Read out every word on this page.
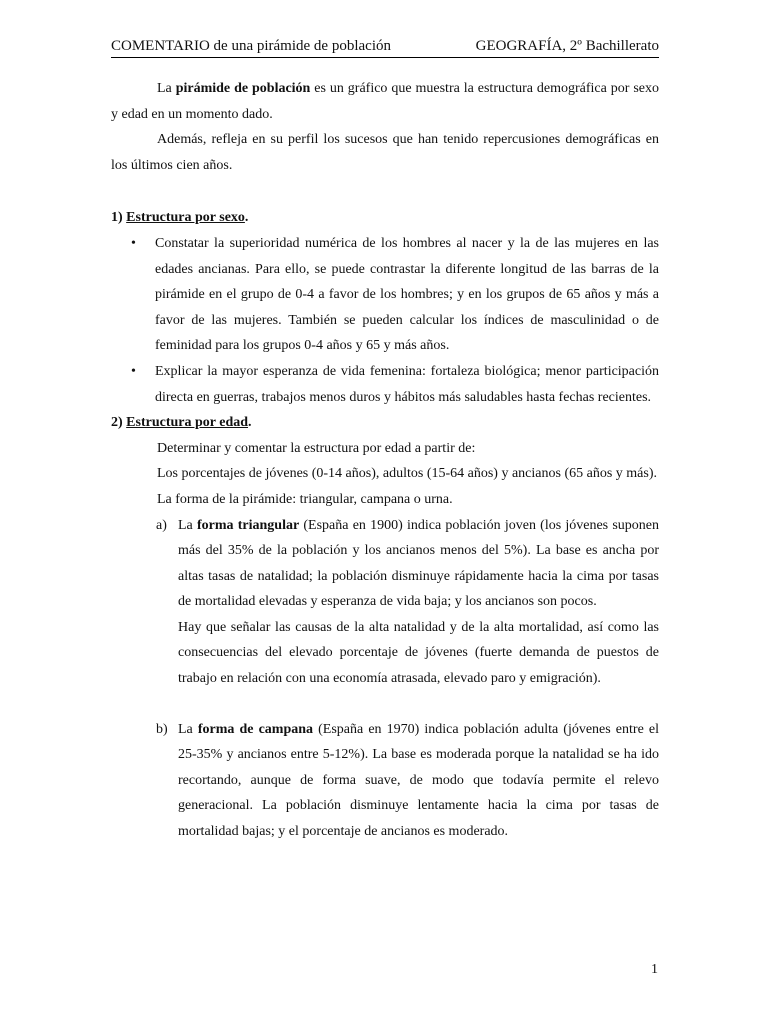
COMENTARIO de una pirámide de población	GEOGRAFÍA, 2º Bachillerato

La pirámide de población es un gráfico que muestra la estructura demográfica por sexo y edad en un momento dado.

Además, refleja en su perfil los sucesos que han tenido repercusiones demográficas en los últimos cien años.

1) Estructura por sexo.

• Constatar la superioridad numérica de los hombres al nacer y la de las mujeres en las edades ancianas. Para ello, se puede contrastar la diferente longitud de las barras de la pirámide en el grupo de 0-4 a favor de los hombres; y en los grupos de 65 años y más a favor de las mujeres. También se pueden calcular los índices de masculinidad o de feminidad para los grupos 0-4 años y 65 y más años.
• Explicar la mayor esperanza de vida femenina: fortaleza biológica; menor participación directa en guerras, trabajos menos duros y hábitos más saludables hasta fechas recientes.

2) Estructura por edad.

Determinar y comentar la estructura por edad a partir de:

Los porcentajes de jóvenes (0-14 años), adultos (15-64 años) y ancianos (65 años y más).

La forma de la pirámide: triangular, campana o urna.

a) La forma triangular (España en 1900) indica población joven (los jóvenes suponen más del 35% de la población y los ancianos menos del 5%). La base es ancha por altas tasas de natalidad; la población disminuye rápidamente hacia la cima por tasas de mortalidad elevadas y esperanza de vida baja; y los ancianos son pocos.
Hay que señalar las causas de la alta natalidad y de la alta mortalidad, así como las consecuencias del elevado porcentaje de jóvenes (fuerte demanda de puestos de trabajo en relación con una economía atrasada, elevado paro y emigración).
b) La forma de campana (España en 1970) indica población adulta (jóvenes entre el 25-35% y ancianos entre 5-12%). La base es moderada porque la natalidad se ha ido recortando, aunque de forma suave, de modo que todavía permite el relevo generacional. La población disminuye lentamente hacia la cima por tasas de mortalidad bajas; y el porcentaje de ancianos es moderado.
1
